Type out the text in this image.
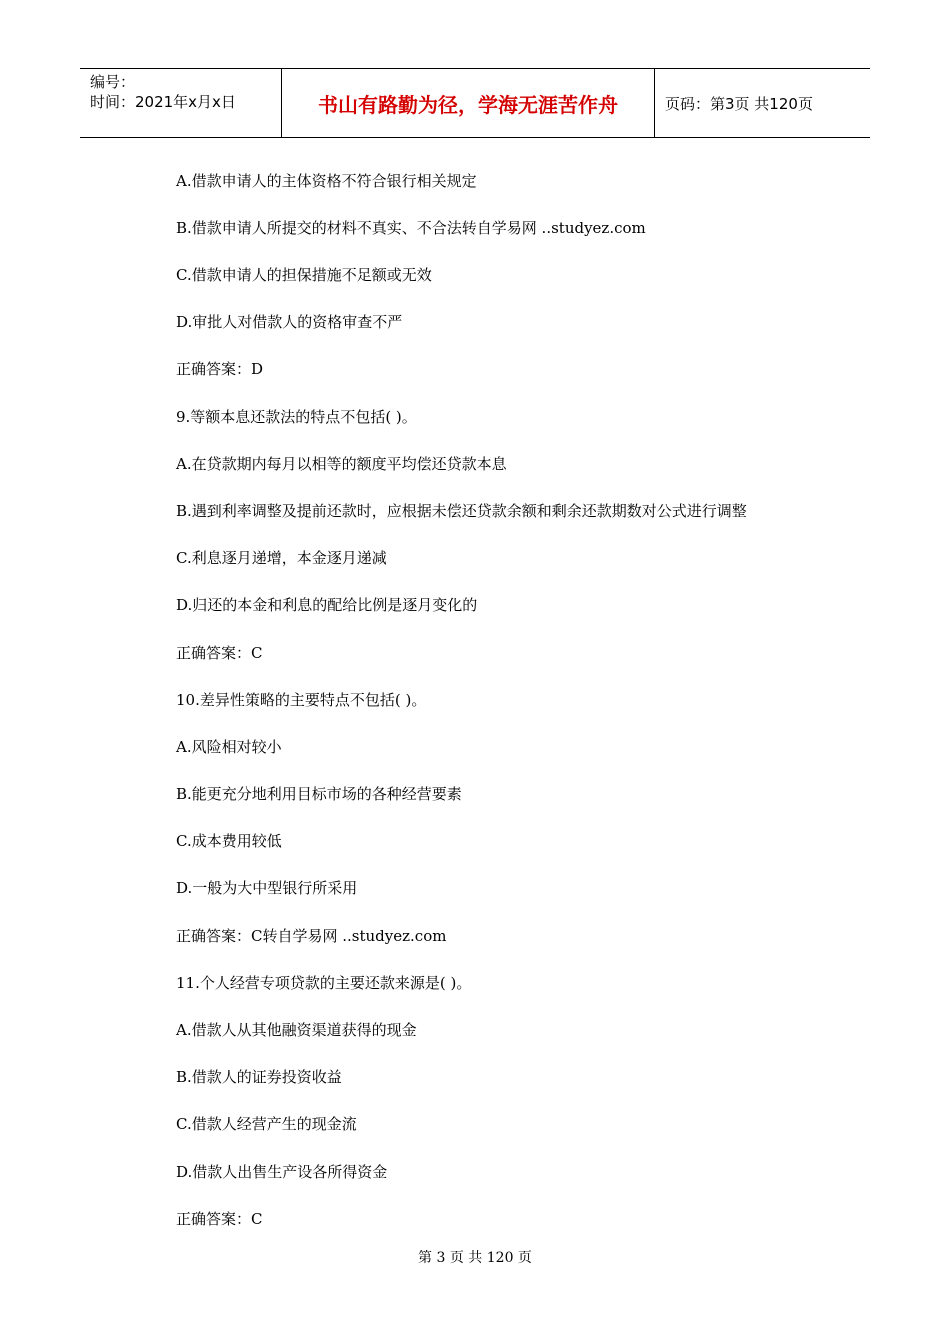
编号：
时间：2021年x月x日	书山有路勤为径，学海无涯苦作舟	页码：第3页 共120页
A.借款申请人的主体资格不符合银行相关规定
B.借款申请人所提交的材料不真实、不合法转自学易网 ..studyez.com
C.借款申请人的担保措施不足额或无效
D.审批人对借款人的资格审查不严
正确答案：D
9.等额本息还款法的特点不包括( )。
A.在贷款期内每月以相等的额度平均偿还贷款本息
B.遇到利率调整及提前还款时，应根据未偿还贷款余额和剩余还款期数对公式进行调整
C.利息逐月递增，本金逐月递减
D.归还的本金和利息的配给比例是逐月变化的
正确答案：C
10.差异性策略的主要特点不包括( )。
A.风险相对较小
B.能更充分地利用目标市场的各种经营要素
C.成本费用较低
D.一般为大中型银行所采用
正确答案：C转自学易网 ..studyez.com
11.个人经营专项贷款的主要还款来源是( )。
A.借款人从其他融资渠道获得的现金
B.借款人的证券投资收益
C.借款人经营产生的现金流
D.借款人出售生产设各所得资金
正确答案：C
第 3 页 共 120 页
